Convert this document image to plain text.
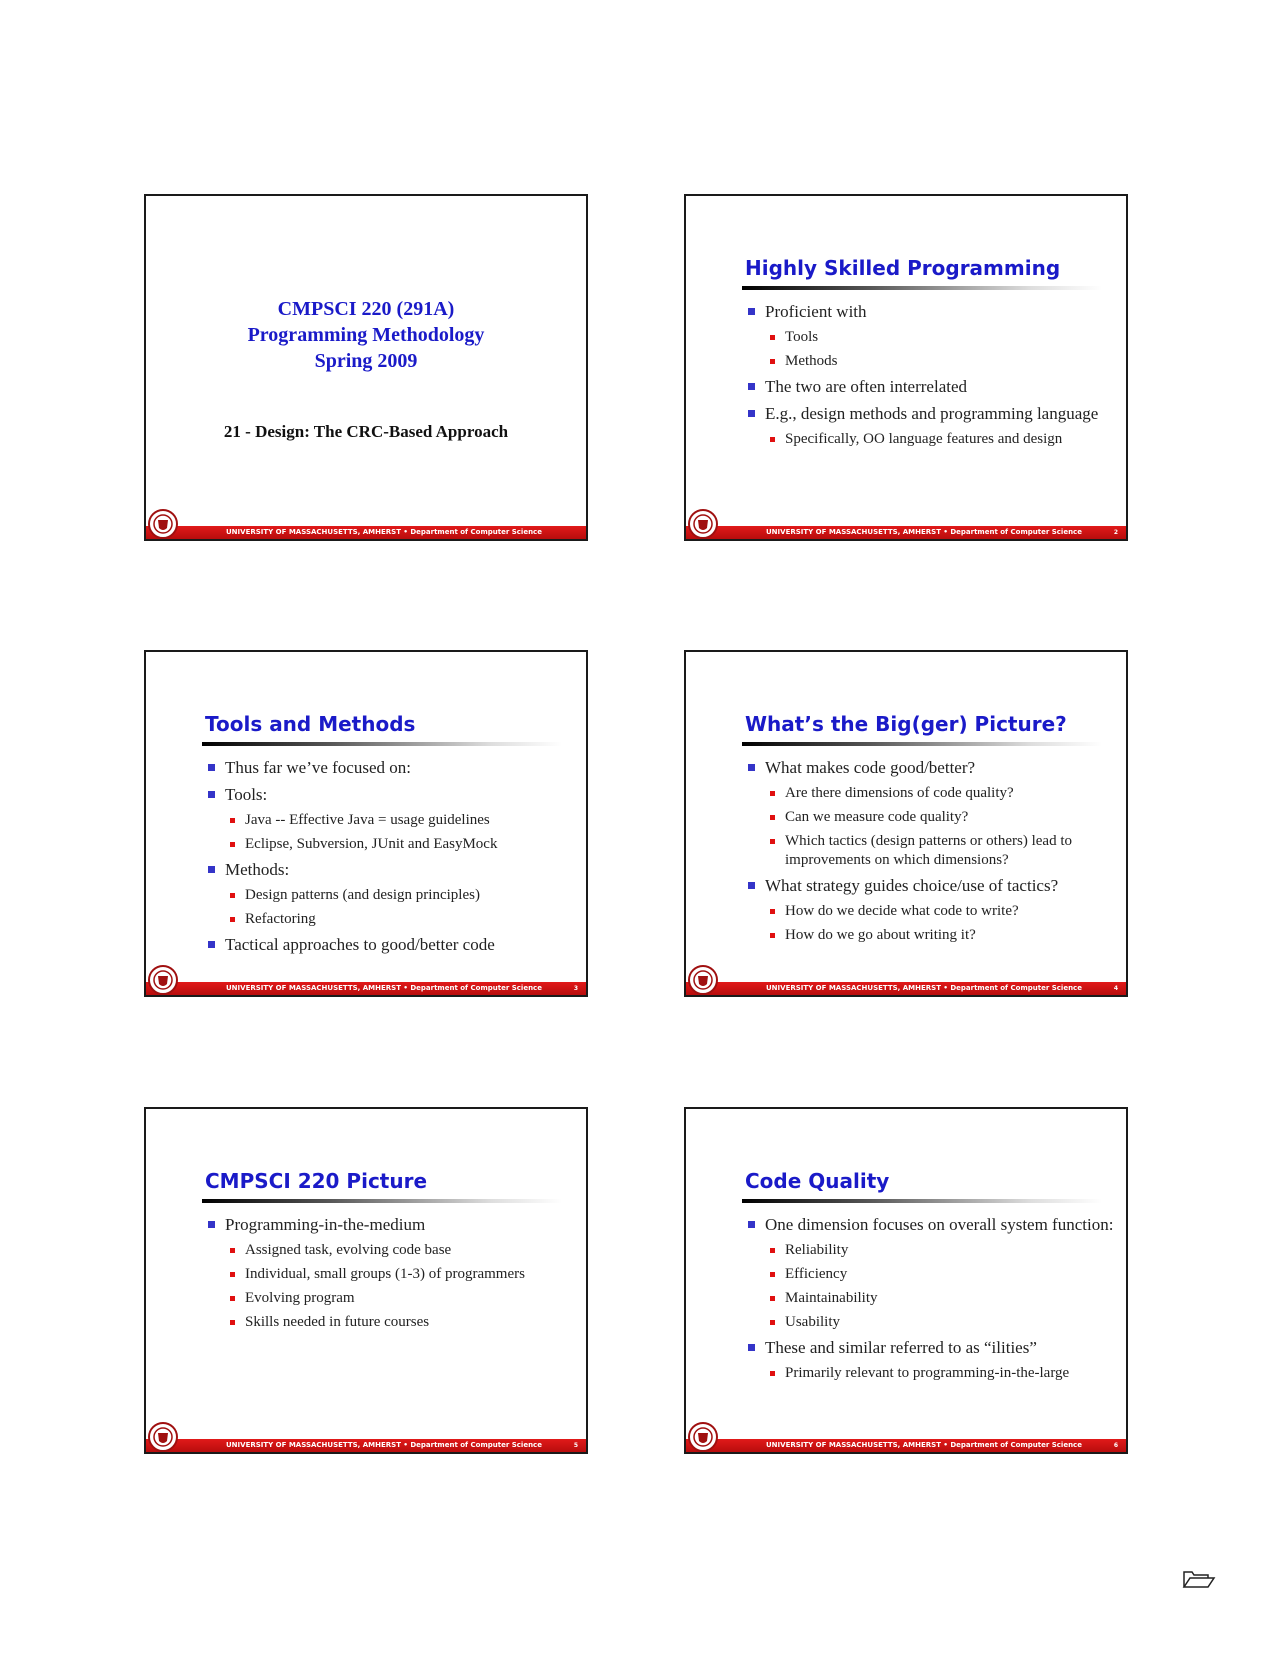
CMPSCI 220 (291A)
Programming Methodology
Spring 2009
21 - Design: The CRC-Based Approach
UNIVERSITY OF MASSACHUSETTS, AMHERST • Department of Computer Science
Highly Skilled Programming
Proficient with
Tools
Methods
The two are often interrelated
E.g., design methods and programming language
Specifically, OO language features and design
UNIVERSITY OF MASSACHUSETTS, AMHERST • Department of Computer Science	2
Tools and Methods
Thus far we’ve focused on:
Tools:
Java -- Effective Java = usage guidelines
Eclipse, Subversion, JUnit and EasyMock
Methods:
Design patterns (and design principles)
Refactoring
Tactical approaches to good/better code
UNIVERSITY OF MASSACHUSETTS, AMHERST • Department of Computer Science	3
What’s the Big(ger) Picture?
What makes code good/better?
Are there dimensions of code quality?
Can we measure code quality?
Which tactics (design patterns or others) lead to improvements on which dimensions?
What strategy guides choice/use of tactics?
How do we decide what code to write?
How do we go about writing it?
UNIVERSITY OF MASSACHUSETTS, AMHERST • Department of Computer Science	4
CMPSCI 220 Picture
Programming-in-the-medium
Assigned task, evolving code base
Individual, small groups (1-3) of programmers
Evolving program
Skills needed in future courses
UNIVERSITY OF MASSACHUSETTS, AMHERST • Department of Computer Science	5
Code Quality
One dimension focuses on overall system function:
Reliability
Efficiency
Maintainability
Usability
These and similar referred to as “ilities”
Primarily relevant to programming-in-the-large
UNIVERSITY OF MASSACHUSETTS, AMHERST • Department of Computer Science	6
